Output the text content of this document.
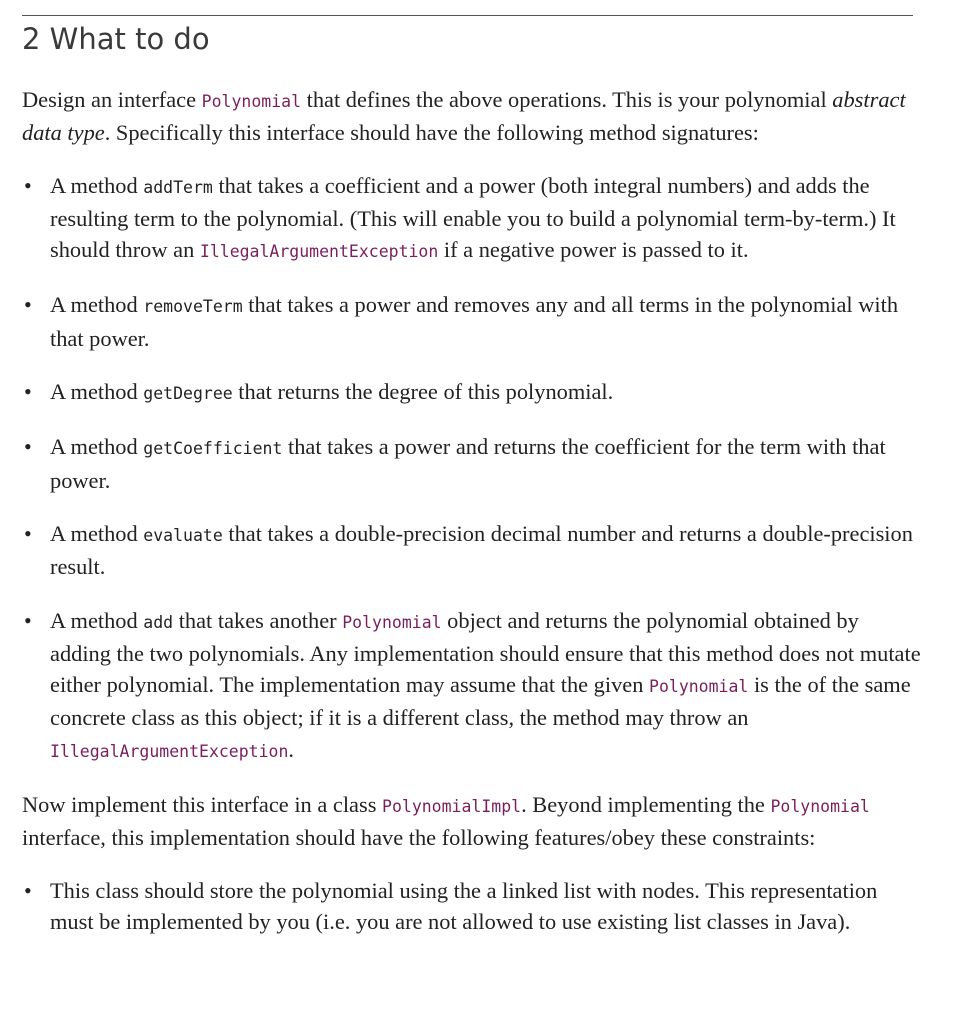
2 What to do

Design an interface Polynomial that defines the above operations. This is your polynomial abstract data type. Specifically this interface should have the following method signatures:

• A method addTerm that takes a coefficient and a power (both integral numbers) and adds the resulting term to the polynomial. (This will enable you to build a polynomial term-by-term.) It should throw an IllegalArgumentException if a negative power is passed to it.
• A method removeTerm that takes a power and removes any and all terms in the polynomial with that power.
• A method getDegree that returns the degree of this polynomial.
• A method getCoefficient that takes a power and returns the coefficient for the term with that power.
• A method evaluate that takes a double-precision decimal number and returns a double-precision result.
• A method add that takes another Polynomial object and returns the polynomial obtained by adding the two polynomials. Any implementation should ensure that this method does not mutate either polynomial. The implementation may assume that the given Polynomial is the of the same concrete class as this object; if it is a different class, the method may throw an IllegalArgumentException.

Now implement this interface in a class PolynomialImpl. Beyond implementing the Polynomial interface, this implementation should have the following features/obey these constraints:

• This class should store the polynomial using the a linked list with nodes. This representation must be implemented by you (i.e. you are not allowed to use existing list classes in Java).
